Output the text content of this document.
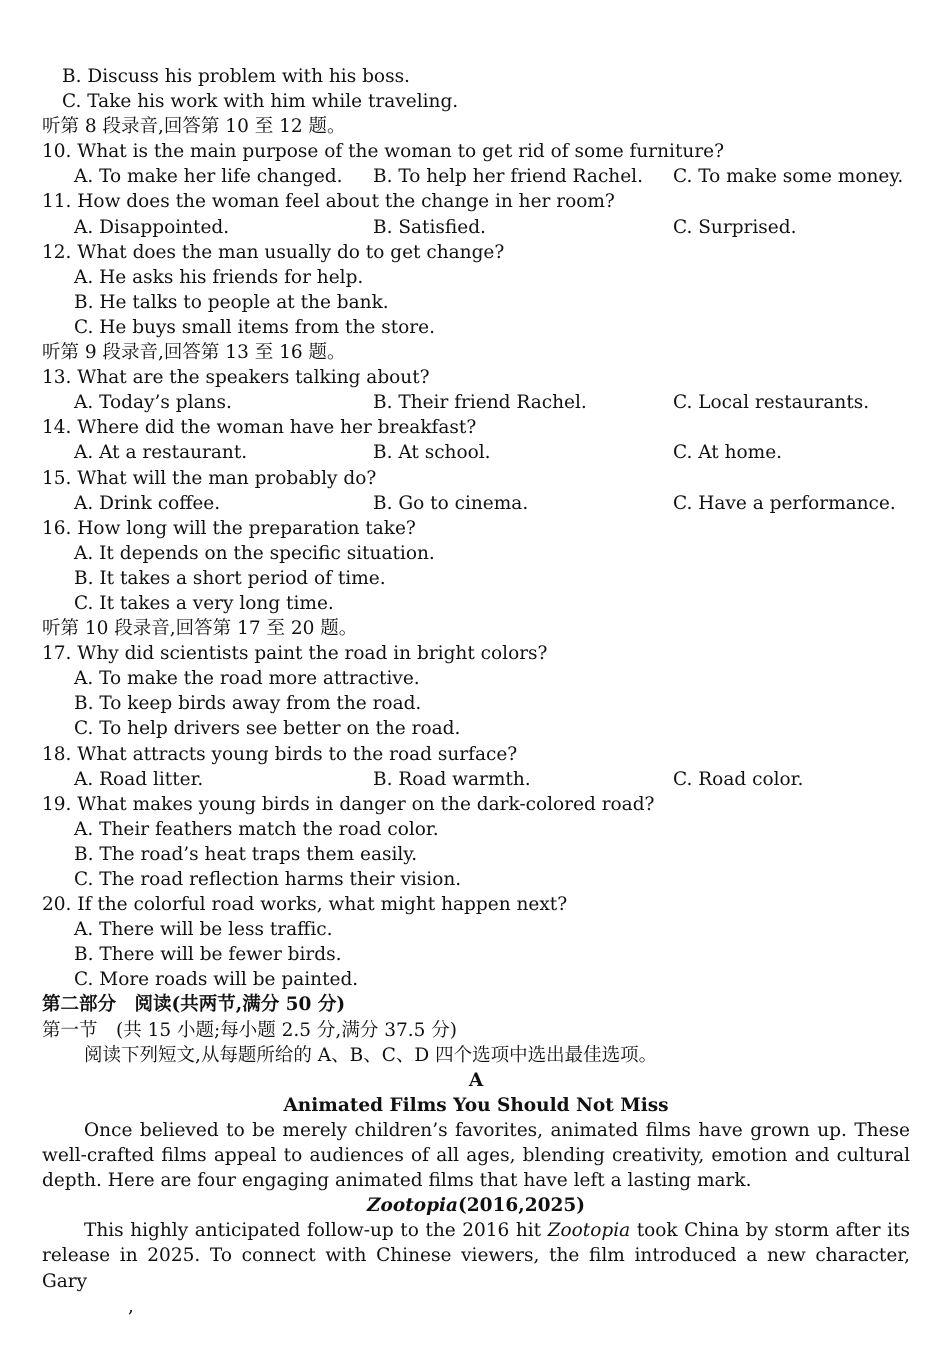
B. Discuss his problem with his boss.
C. Take his work with him while traveling.
听第 8 段录音,回答第 10 至 12 题。
10. What is the main purpose of the woman to get rid of some furniture?
A. To make her life changed. B. To help her friend Rachel. C. To make some money.
11. How does the woman feel about the change in her room?
A. Disappointed.	B. Satisfied.	C. Surprised.
12. What does the man usually do to get change?
A. He asks his friends for help.
B. He talks to people at the bank.
C. He buys small items from the store.
听第 9 段录音,回答第 13 至 16 题。
13. What are the speakers talking about?
A. Today’s plans.	B. Their friend Rachel.	C. Local restaurants.
14. Where did the woman have her breakfast?
A. At a restaurant.	B. At school.	C. At home.
15. What will the man probably do?
A. Drink coffee.	B. Go to cinema.	C. Have a performance.
16. How long will the preparation take?
A. It depends on the specific situation.
B. It takes a short period of time.
C. It takes a very long time.
听第 10 段录音,回答第 17 至 20 题。
17. Why did scientists paint the road in bright colors?
A. To make the road more attractive.
B. To keep birds away from the road.
C. To help drivers see better on the road.
18. What attracts young birds to the road surface?
A. Road litter.	B. Road warmth.	C. Road color.
19. What makes young birds in danger on the dark-colored road?
A. Their feathers match the road color.
B. The road’s heat traps them easily.
C. The road reflection harms their vision.
20. If the colorful road works, what might happen next?
A. There will be less traffic.
B. There will be fewer birds.
C. More roads will be painted.
第二部分　阅读(共两节,满分 50 分)
第一节　(共 15 小题;每小题 2.5 分,满分 37.5 分)
阅读下列短文,从每题所给的 A、B、C、D 四个选项中选出最佳选项。
A
Animated Films You Should Not Miss

Once believed to be merely children’s favorites, animated films have grown up. These well-crafted films appeal to audiences of all ages, blending creativity, emotion and cultural depth. Here are four engaging animated films that have left a lasting mark.

Zootopia(2016,2025)

This highly anticipated follow-up to the 2016 hit Zootopia took China by storm after its release in 2025. To connect with Chinese viewers, the film introduced a new character, Gary

,
